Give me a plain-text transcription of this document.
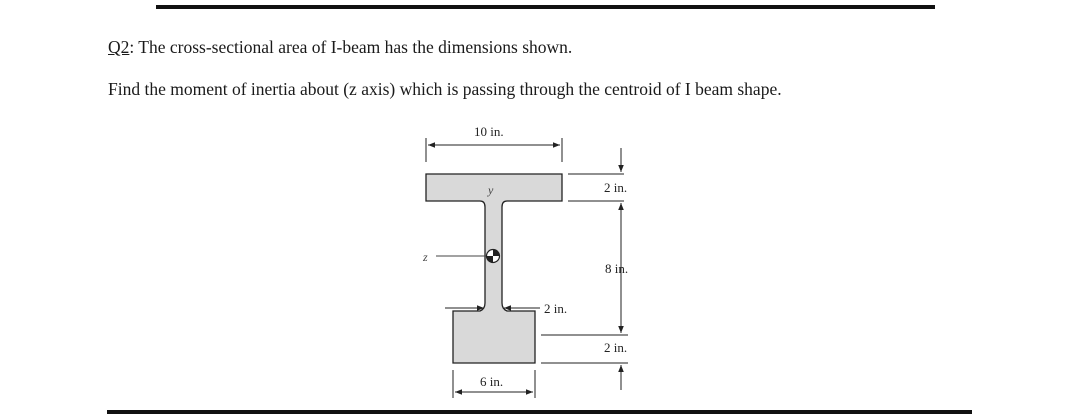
Q2: The cross-sectional area of I-beam has the dimensions shown.
Find the moment of inertia about (z axis) which is passing through the centroid of I beam shape.
z
y
10 in.
6 in.
2 in.
2 in.
8 in.
2 in.
